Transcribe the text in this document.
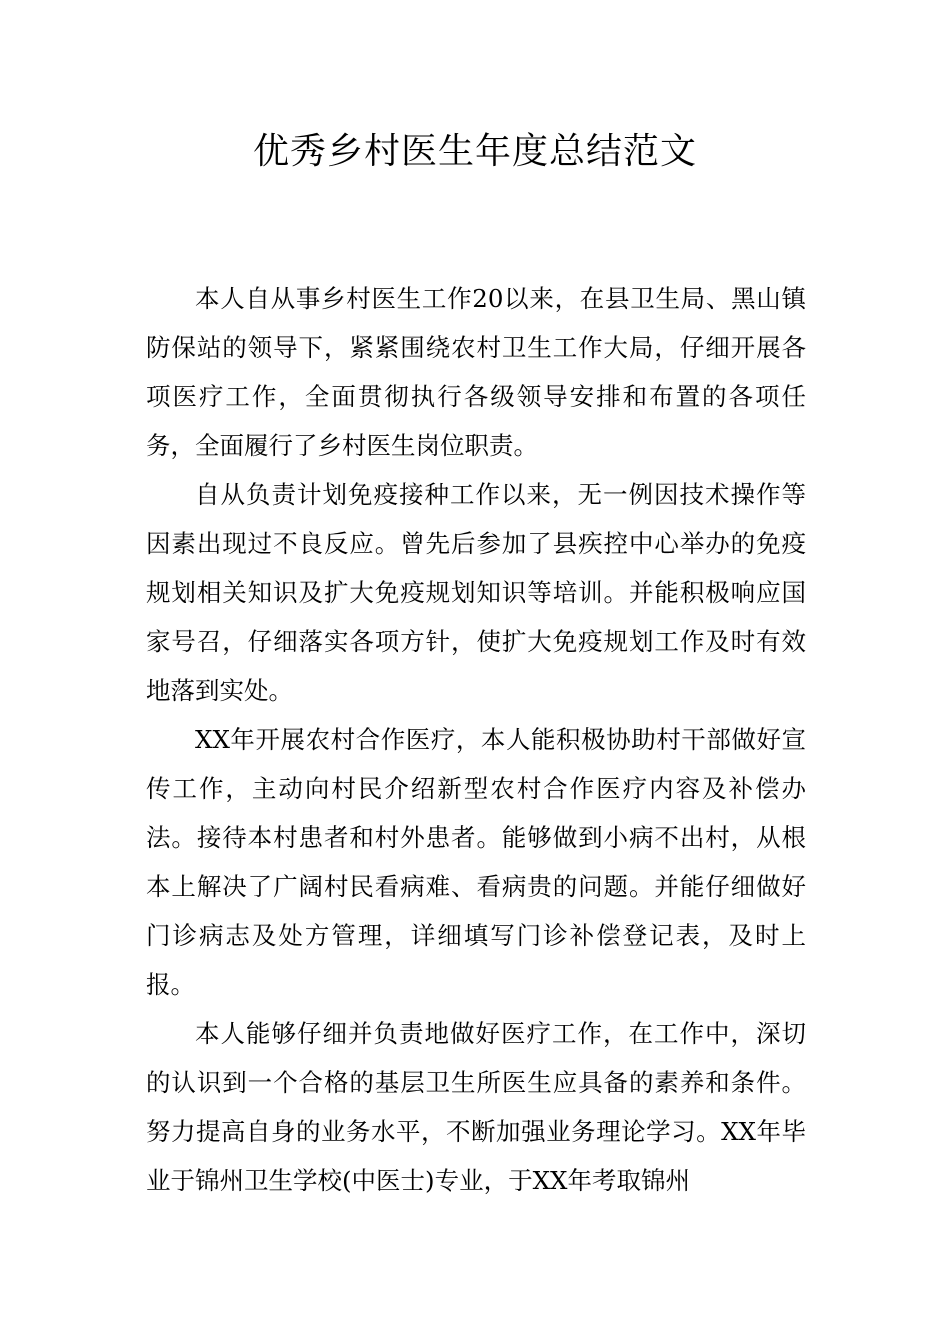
优秀乡村医生年度总结范文

本人自从事乡村医生工作20以来，在县卫生局、黑山镇防保站的领导下，紧紧围绕农村卫生工作大局，仔细开展各项医疗工作，全面贯彻执行各级领导安排和布置的各项任务，全面履行了乡村医生岗位职责。

自从负责计划免疫接种工作以来，无一例因技术操作等因素出现过不良反应。曾先后参加了县疾控中心举办的免疫规划相关知识及扩大免疫规划知识等培训。并能积极响应国家号召，仔细落实各项方针，使扩大免疫规划工作及时有效地落到实处。

XX年开展农村合作医疗，本人能积极协助村干部做好宣传工作，主动向村民介绍新型农村合作医疗内容及补偿办法。接待本村患者和村外患者。能够做到小病不出村，从根本上解决了广阔村民看病难、看病贵的问题。并能仔细做好门诊病志及处方管理，详细填写门诊补偿登记表，及时上报。

本人能够仔细并负责地做好医疗工作，在工作中，深切的认识到一个合格的基层卫生所医生应具备的素养和条件。努力提高自身的业务水平，不断加强业务理论学习。XX年毕业于锦州卫生学校(中医士)专业，于XX年考取锦州
